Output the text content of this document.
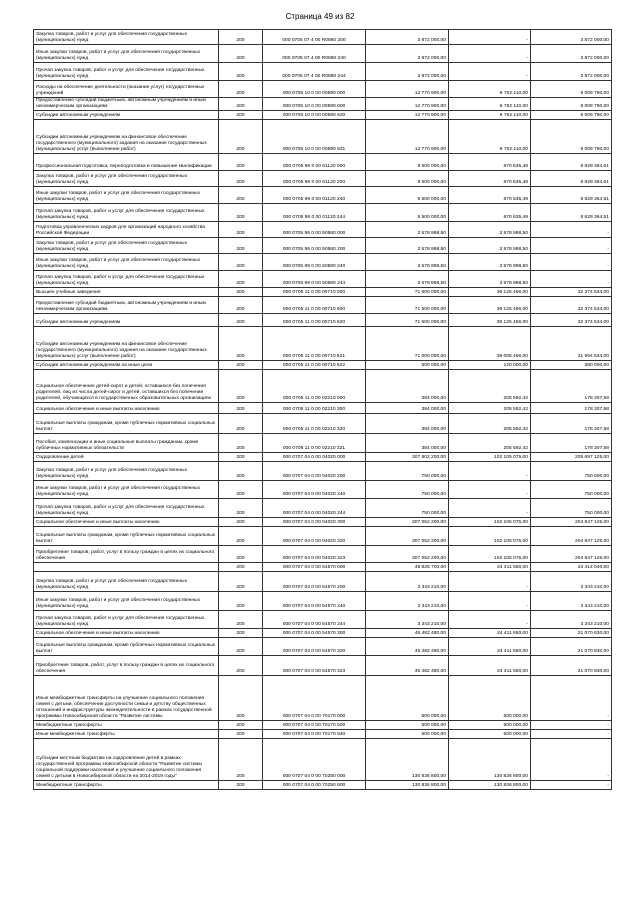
Страница 49 из 82
Закупка товаров, работ и услуг для обеспечения государственных (муниципальных) нужд	200	000 0705 07 4 00 R0860 200	3 872 000,00	-	3 872 000,00
Иные закупки товаров, работ и услуг для обеспечения государственных (муниципальных) нужд	200	000 0705 07 4 00 R0860 240	3 872 000,00	-	3 872 000,00
Прочая закупка товаров, работ и услуг для обеспечения государственных (муниципальных) нужд	200	000 0705 07 4 00 R0860 244	3 872 000,00	-	3 872 000,00
Расходы на обеспечение деятельности (оказание услуг) государственных учреждений	200	000 0705 10 0 00 00590 000	12 770 900,00	6 762 110,00	6 008 790,00
Предоставление субсидий бюджетным, автономным учреждениям и иным некоммерческим организациям	200	000 0705 10 0 00 00590 600	12 770 900,00	6 762 110,00	6 008 790,00
Субсидии автономным учреждениям	200	000 0705 10 0 00 00590 620	12 770 900,00	6 762 110,00	6 008 790,00
Субсидии автономным учреждениям на финансовое обеспечение государственного (муниципального) задания на оказание государственных (муниципальных) услуг (выполнение работ)	200	000 0705 10 0 00 00590 621	12 770 900,00	6 762 110,00	6 008 790,00
Профессиональная подготовка, переподготовка и повышение квалификации	200	000 0705 99 0 00 01120 000	9 500 000,00	870 635,49	8 629 364,51
Закупка товаров, работ и услуг для обеспечения государственных (муниципальных) нужд	200	000 0705 99 0 00 01120 200	9 500 000,00	870 635,49	8 629 364,51
Иные закупки товаров, работ и услуг для обеспечения государственных (муниципальных) нужд	200	000 0705 99 0 00 01120 240	9 500 000,00	870 635,49	8 629 364,51
Прочая закупка товаров, работ и услуг для обеспечения государственных (муниципальных) нужд	200	000 0705 99 0 00 01120 244	9 500 000,00	870 635,49	8 629 364,51
Подготовка управленческих кадров для организаций народного хозяйства Российской Федерации	200	000 0705 99 0 00 50580 000	3 578 998,50	3 578 998,50	-
Закупка товаров, работ и услуг для обеспечения государственных (муниципальных) нужд	200	000 0705 99 0 00 50580 200	3 578 998,50	3 578 998,50	-
Иные закупки товаров, работ и услуг для обеспечения государственных (муниципальных) нужд	200	000 0705 99 0 00 50580 240	3 578 998,50	3 578 998,50	-
Прочая закупка товаров, работ и услуг для обеспечения государственных (муниципальных) нужд	200	000 0705 99 0 00 50580 244	3 578 998,50	3 578 998,50	-
Высшее учебные заведения	200	000 0705 11 0 00 00710 000	71 500 000,00	39 125 466,00	32 374 534,00
Предоставление субсидий бюджетным, автономным учреждениям и иным некоммерческим организациям	200	000 0705 11 0 00 00710 600	71 500 000,00	39 125 466,00	32 374 534,00
Субсидии автономным учреждениям	200	000 0705 11 0 00 00710 620	71 500 000,00	39 125 466,00	32 374 534,00
Субсидии автономным учреждениям на финансовое обеспечение государственного (муниципального) задания на оказание государственных (муниципальных) услуг (выполнение работ)	200	000 0705 11 0 00 00710 621	71 000 000,00	39 005 466,00	31 994 534,00
Субсидии автономным учреждениям на иные цели	200	000 0705 11 0 00 00710 622	500 000,00	120 000,00	380 000,00
Социальное обеспечение детей-сирот и детей, оставшихся без попечения родителей, лиц из числа детей-сирот и детей, оставшихся без попечения родителей, обучающихся в государственных образовательных организациях	200	000 0705 11 0 00 02210 000	384 000,00	205 592,42	178 307,58
Социальное обеспечение и иные выплаты населению	200	000 0705 11 0 00 02210 300	384 000,00	205 592,42	178 307,58
Социальные выплаты гражданам, кроме публичных нормативных социальных выплат	200	000 0705 11 0 00 02210 320	384 000,00	205 592,42	178 307,58
Пособия, компенсации и иные социальные выплаты гражданам, кроме публичных нормативных обязательств	200	000 0705 11 0 00 02210 321	384 000,00	205 592,42	178 307,58
Оздоровление детей	200	000 0707 04 0 00 04020 000	307 802 200,00	102 105 075,00	205 697 125,00
Закупка товаров, работ и услуг для обеспечения государственных (муниципальных) нужд	200	000 0707 04 0 00 04020 200	750 000,00	-	750 000,00
Иные закупки товаров, работ и услуг для обеспечения государственных (муниципальных) нужд	200	000 0707 04 0 00 04020 240	750 000,00	-	750 000,00
Прочая закупка товаров, работ и услуг для обеспечения государственных (муниципальных) нужд	200	000 0707 04 0 00 04020 244	750 000,00	-	750 000,00
Социальное обеспечение и иные выплаты населению	200	000 0707 04 0 00 04020 300	307 052 200,00	102 105 075,00	204 947 125,00
Социальные выплаты гражданам, кроме публичных нормативных социальных выплат	200	000 0707 04 0 00 04020 320	307 052 200,00	102 105 075,00	204 947 125,00
Приобретение товаров, работ, услуг в пользу граждан в целях их социального обеспечения	200	000 0707 04 0 00 04020 323	307 052 200,00	102 105 075,00	204 947 125,00
	200	000 0707 04 0 00 54570 000	49 825 700,00	24 411 650,00	24 414 040,00
Закупка товаров, работ и услуг для обеспечения государственных (муниципальных) нужд	200	000 0707 04 0 00 54570 200	3 343 210,00	-	3 343 210,00
Иные закупки товаров, работ и услуг для обеспечения государственных (муниципальных) нужд	200	000 0707 04 0 00 54570 240	3 343 210,00	-	3 343 210,00
Прочая закупка товаров, работ и услуг для обеспечения государственных (муниципальных) нужд	200	000 0707 04 0 00 54570 244	3 343 210,00	-	3 343 210,00
Социальное обеспечение и иные выплаты населению	200	000 0707 04 0 00 54570 300	46 482 480,00	24 411 650,00	21 070 830,00
Социальные выплаты гражданам, кроме публичных нормативных социальных выплат	200	000 0707 04 0 00 54570 320	46 482 480,00	24 411 650,00	21 070 830,00
Приобретение товаров, работ, услуг в пользу граждан в целях их социального обеспечения	200	000 0707 04 0 00 54570 323	46 482 480,00	24 411 650,00	21 070 830,00
Иные межбюджетные трансферты на улучшение социального положения семей с детьми, обеспечение доступности семьи и детству общественных отношений и инфраструктуры жизнедеятельности в рамках государственной программы Новосибирской области "Развитие системы	200	000 0707 04 0 00 70170 000	500 000,00	500 000,00	-
Межбюджетные трансферты	200	000 0707 04 0 00 70170 500	500 000,00	500 000,00	-
Иные межбюджетные трансферты	200	000 0707 04 0 00 70170 540	500 000,00	500 000,00	-
Субсидии местным бюджетам на оздоровление детей в рамках государственной программы Новосибирской области "Развитие системы социальной поддержки населения и улучшение социального положения семей с детьми в Новосибирской области на 2014-2019 годы"	200	000 0707 04 0 00 70250 000	130 836 800,00	130 836 800,00	-
Межбюджетные трансферты	200	000 0707 04 0 00 70250 500	130 836 800,00	130 836 800,00	-
